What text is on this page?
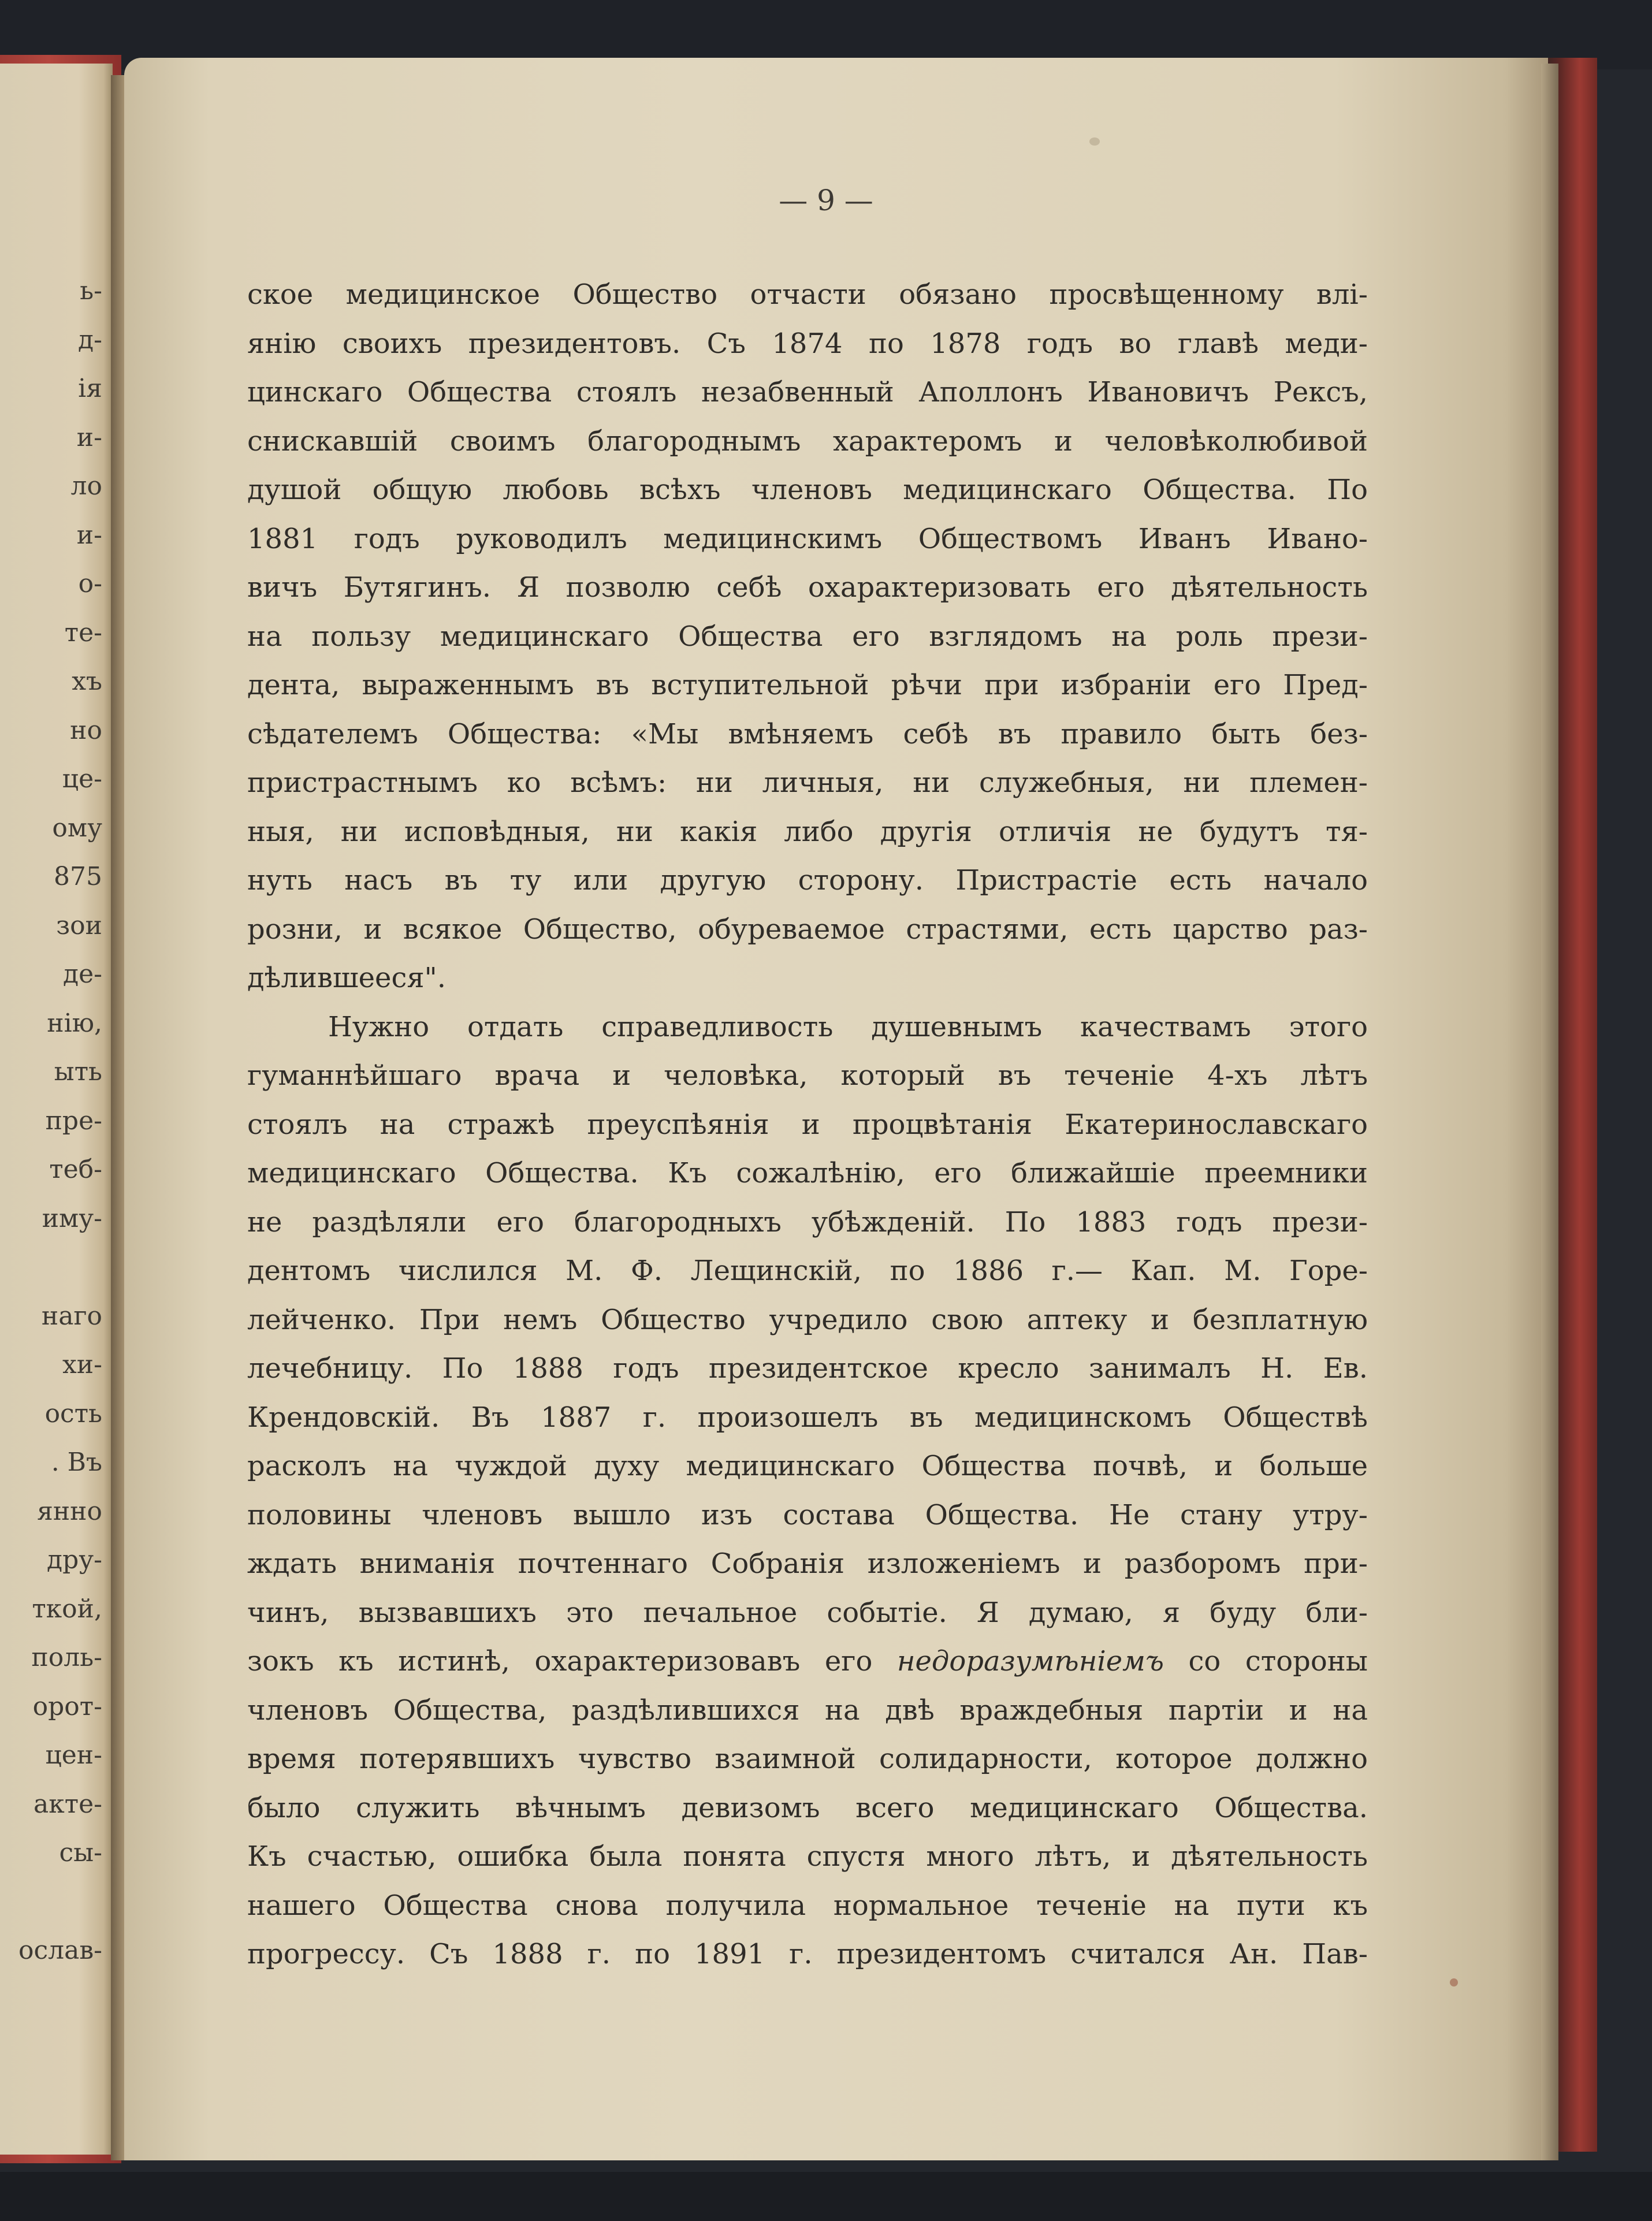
ь-
д-
ія
и-
ло
и-
о-
те-
хъ
но
це-
ому
875
зои
де-
нію,
ыть
пре-
теб-
иму-
наго
хи-
ость
. Въ
янно
дру-
ткой,
поль-
орот-
цен-
акте-
сы-
ослав-
— 9 —
ское медицинское Общество отчасти обязано просвѣщенному влі-
янію своихъ президентовъ. Съ 1874 по 1878 годъ во главѣ меди-
цинскаго Общества стоялъ незабвенный Аполлонъ Ивановичъ Рексъ,
снискавшій своимъ благороднымъ характеромъ и человѣколюбивой
душой общую любовь всѣхъ членовъ медицинскаго Общества. По
1881 годъ руководилъ медицинскимъ Обществомъ Иванъ Ивано-
вичъ Бутягинъ. Я позволю себѣ охарактеризовать его дѣятельность
на пользу медицинскаго Общества его взглядомъ на роль прези-
дента, выраженнымъ въ вступительной рѣчи при избраніи его Пред-
сѣдателемъ Общества: «Мы вмѣняемъ себѣ въ правило быть без-
пристрастнымъ ко всѣмъ: ни личныя, ни служебныя, ни племен-
ныя, ни исповѣдныя, ни какія либо другія отличія не будутъ тя-
нуть насъ въ ту или другую сторону. Пристрастіе есть начало
розни, и всякое Общество, обуреваемое страстями, есть царство раз-
дѣлившееся".
Нужно отдать справедливость душевнымъ качествамъ этого
гуманнѣйшаго врача и человѣка, который въ теченіе 4-хъ лѣтъ
стоялъ на стражѣ преуспѣянія и процвѣтанія Екатеринославскаго
медицинскаго Общества. Къ сожалѣнію, его ближайшіе преемники
не раздѣляли его благородныхъ убѣжденій. По 1883 годъ прези-
дентомъ числился М. Ф. Лещинскій, по 1886 г.— Кап. М. Горе-
лейченко. При немъ Общество учредило свою аптеку и безплатную
лечебницу. По 1888 годъ президентское кресло занималъ Н. Ев.
Крендовскій. Въ 1887 г. произошелъ въ медицинскомъ Обществѣ
расколъ на чуждой духу медицинскаго Общества почвѣ, и больше
половины членовъ вышло изъ состава Общества. Не стану утру-
ждать вниманія почтеннаго Собранія изложеніемъ и разборомъ при-
чинъ, вызвавшихъ это печальное событіе. Я думаю, я буду бли-
зокъ къ истинѣ, охарактеризовавъ его недоразумѣніемъ со стороны
членовъ Общества, раздѣлившихся на двѣ враждебныя партіи и на
время потерявшихъ чувство взаимной солидарности, которое должно
было служить вѣчнымъ девизомъ всего медицинскаго Общества.
Къ счастью, ошибка была понята спустя много лѣтъ, и дѣятельность
нашего Общества снова получила нормальное теченіе на пути къ
прогрессу. Съ 1888 г. по 1891 г. президентомъ считался Ан. Пав-
